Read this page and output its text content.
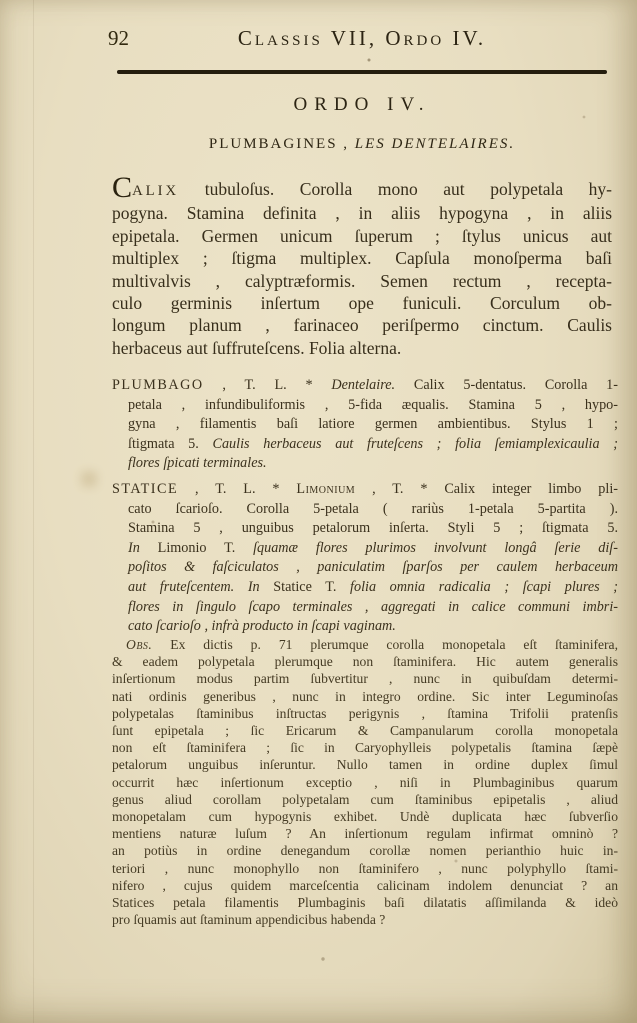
92	Classis VII, Ordo IV.
ORDO IV.
PLUMBAGINES , LES DENTELAIRES.
CALIX tubuloſus. Corolla mono aut polypetala hy-
pogyna. Stamina definita , in aliis hypogyna , in aliis
epipetala. Germen unicum ſuperum ; ſtylus unicus aut
multiplex ; ſtigma multiplex. Capſula monoſperma baſi
multivalvis , calyptræformis. Semen rectum , recepta-
culo germinis inſertum ope funiculi. Corculum ob-
longum planum , farinaceo periſpermo cinctum. Caulis
herbaceus aut ſuffruteſcens. Folia alterna.
PLUMBAGO , T. L. * Dentelaire. Calix 5-dentatus. Corolla 1-
petala , infundibuliformis , 5-fida æqualis. Stamina 5 , hypo-
gyna , filamentis baſi latiore germen ambientibus. Stylus 1 ;
ſtigmata 5. Caulis herbaceus aut fruteſcens ; folia ſemiamplexicaulia ;
flores ſpicati terminales.
STATICE , T. L. * Limonium , T. * Calix integer limbo pli-
cato ſcarioſo. Corolla 5-petala ( rariùs 1-petala 5-partita ).
Stamina 5 , unguibus petalorum inſerta. Styli 5 ; ſtigmata 5.
In Limonio T. ſquamæ flores plurimos involvunt longâ ſerie diſ-
poſitos & faſciculatos , paniculatim ſparſos per caulem herbaceum
aut fruteſcentem. In Statice T. folia omnia radicalia ; ſcapi plures ;
flores in ſingulo ſcapo terminales , aggregati in calice communi imbri-
cato ſcarioſo , infrà producto in ſcapi vaginam.
Obs. Ex dictis p. 71 plerumque corolla monopetala eſt ſtaminifera,
& eadem polypetala plerumque non ſtaminifera. Hic autem generalis
inſertionum modus partim ſubvertitur , nunc in quibuſdam determi-
nati ordinis generibus , nunc in integro ordine. Sic inter Leguminoſas
polypetalas ſtaminibus inſtructas perigynis , ſtamina Trifolii pratenſis
ſunt epipetala ; ſic Ericarum & Campanularum corolla monopetala
non eſt ſtaminifera ; ſic in Caryophylleis polypetalis ſtamina ſæpè
petalorum unguibus inſeruntur. Nullo tamen in ordine duplex ſimul
occurrit hæc inſertionum exceptio , niſi in Plumbaginibus quarum
genus aliud corollam polypetalam cum ſtaminibus epipetalis , aliud
monopetalam cum hypogynis exhibet. Undè duplicata hæc ſubverſio
mentiens naturæ luſum ? An inſertionum regulam infirmat omninò ?
an potiùs in ordine denegandum corollæ nomen perianthio huic in-
teriori , nunc monophyllo non ſtaminifero , nunc polyphyllo ſtami-
nifero , cujus quidem marceſcentia calicinam indolem denunciat ? an
Statices petala filamentis Plumbaginis baſi dilatatis aſſimilanda & ideò
pro ſquamis aut ſtaminum appendicibus habenda ?
